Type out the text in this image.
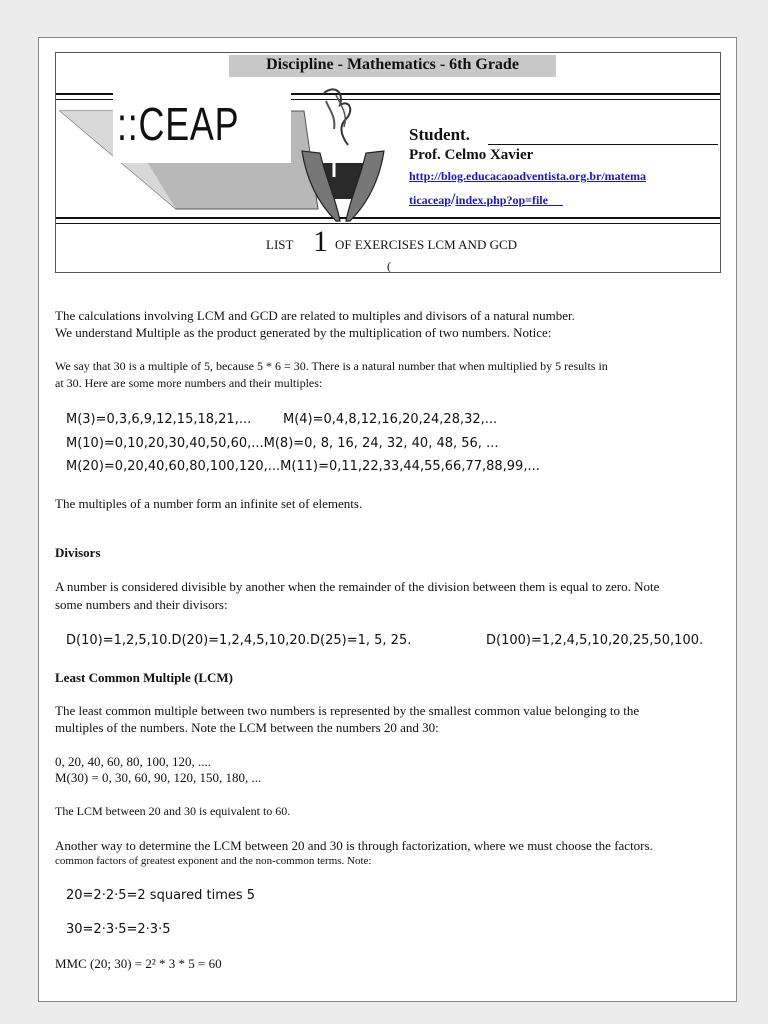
Discipline - Mathematics - 6th Grade
::CEAP	Student.
Prof. Celmo Xavier
http://blog.educacaoadventista.org.br/matema
ticaceap/index.php?op=file
LIST 1 OF EXERCISES LCM AND GCD
(

The calculations involving LCM and GCD are related to multiples and divisors of a natural number.

We understand Multiple as the product generated by the multiplication of two numbers. Notice:

We say that 30 is a multiple of 5, because 5 * 6 = 30. There is a natural number that when multiplied by 5 results in

at 30. Here are some more numbers and their multiples:

M(3)=0,3,6,9,12,15,18,21,... M(4)=0,4,8,12,16,20,24,28,32,...

M(10)=0,10,20,30,40,50,60,...M(8)=0, 8, 16, 24, 32, 40, 48, 56, ...

M(20)=0,20,40,60,80,100,120,...M(11)=0,11,22,33,44,55,66,77,88,99,...

The multiples of a number form an infinite set of elements.

Divisors

A number is considered divisible by another when the remainder of the division between them is equal to zero. Note

some numbers and their divisors:

D(10)=1,2,5,10.D(20)=1,2,4,5,10,20.D(25)=1, 5, 25.	D(100)=1,2,4,5,10,20,25,50,100.

Least Common Multiple (LCM)

The least common multiple between two numbers is represented by the smallest common value belonging to the

multiples of the numbers. Note the LCM between the numbers 20 and 30:

0, 20, 40, 60, 80, 100, 120, ....

M(30) = 0, 30, 60, 90, 120, 150, 180, ...

The LCM between 20 and 30 is equivalent to 60.

Another way to determine the LCM between 20 and 30 is through factorization, where we must choose the factors.

common factors of greatest exponent and the non-common terms. Note:

20=2·2·5=2 squared times 5

30=2·3·5=2·3·5

MMC (20; 30) = 2² * 3 * 5 = 60
